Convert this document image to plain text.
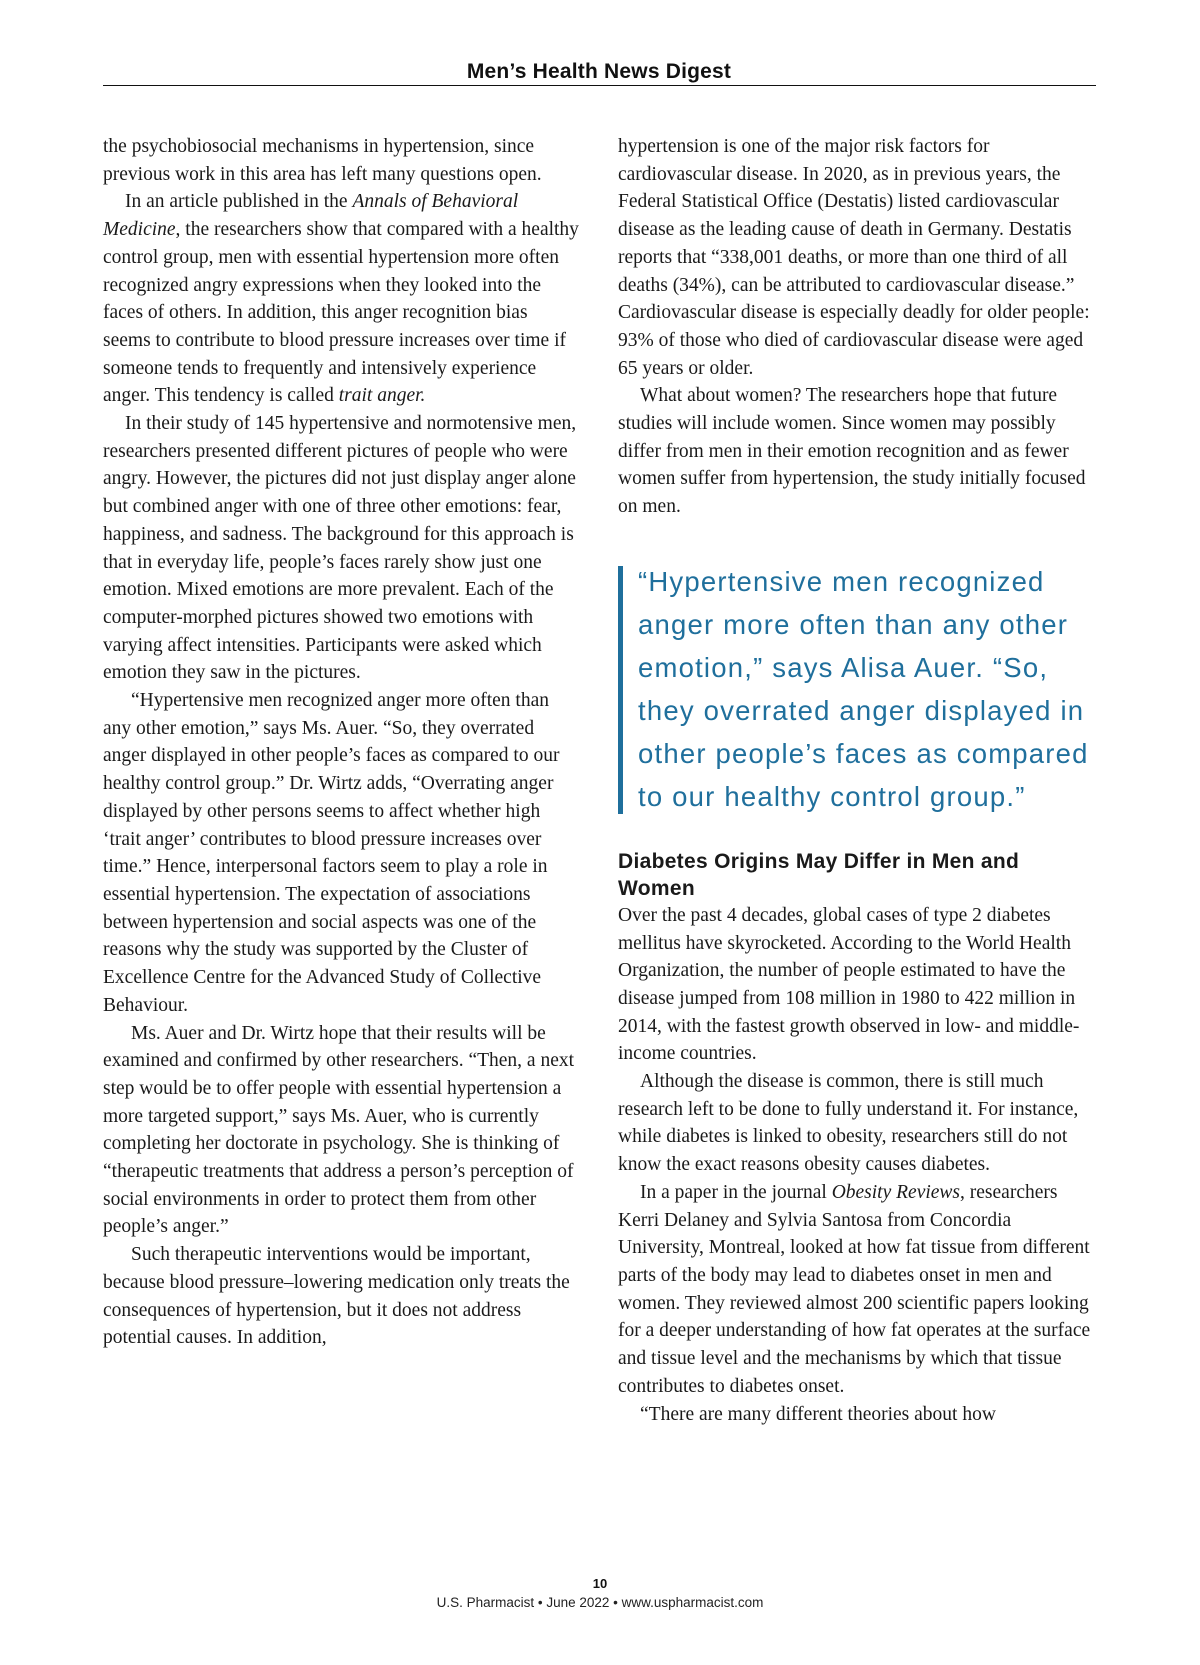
Men’s Health News Digest

the psychobiosocial mechanisms in hypertension, since previous work in this area has left many questions open.

In an article published in the Annals of Behavioral Medicine, the researchers show that compared with a healthy control group, men with essential hypertension more often recognized angry expressions when they looked into the faces of others. In addition, this anger recognition bias seems to contribute to blood pressure increases over time if someone tends to frequently and intensively experience anger. This tendency is called trait anger.

In their study of 145 hypertensive and normotensive men, researchers presented different pictures of people who were angry. However, the pictures did not just display anger alone but combined anger with one of three other emotions: fear, happiness, and sadness. The background for this approach is that in everyday life, people’s faces rarely show just one emotion. Mixed emotions are more prevalent. Each of the computer-morphed pictures showed two emotions with varying affect intensities. Participants were asked which emotion they saw in the pictures.

“Hypertensive men recognized anger more often than any other emotion,” says Ms. Auer. “So, they overrated anger displayed in other people’s faces as compared to our healthy control group.” Dr. Wirtz adds, “Overrating anger displayed by other persons seems to affect whether high ‘trait anger’ contributes to blood pressure increases over time.” Hence, interpersonal factors seem to play a role in essential hypertension. The expectation of associations between hypertension and social aspects was one of the reasons why the study was supported by the Cluster of Excellence Centre for the Advanced Study of Collective Behaviour.

Ms. Auer and Dr. Wirtz hope that their results will be examined and confirmed by other researchers. “Then, a next step would be to offer people with essential hypertension a more targeted support,” says Ms. Auer, who is currently completing her doctorate in psychology. She is thinking of “therapeutic treatments that address a person’s perception of social environments in order to protect them from other people’s anger.”

Such therapeutic interventions would be important, because blood pressure–lowering medication only treats the consequences of hypertension, but it does not address potential causes. In addition,

hypertension is one of the major risk factors for cardiovascular disease. In 2020, as in previous years, the Federal Statistical Office (Destatis) listed cardiovascular disease as the leading cause of death in Germany. Destatis reports that “338,001 deaths, or more than one third of all deaths (34%), can be attributed to cardiovascular disease.” Cardiovascular disease is especially deadly for older people: 93% of those who died of cardiovascular disease were aged 65 years or older.

What about women? The researchers hope that future studies will include women. Since women may possibly differ from men in their emotion recognition and as fewer women suffer from hypertension, the study initially focused on men.

“Hypertensive men recognized anger more often than any other emotion,” says Alisa Auer. “So, they overrated anger displayed in other people’s faces as compared to our healthy control group.”
Diabetes Origins May Differ in Men and Women

Over the past 4 decades, global cases of type 2 diabetes mellitus have skyrocketed. According to the World Health Organization, the number of people estimated to have the disease jumped from 108 million in 1980 to 422 million in 2014, with the fastest growth observed in low- and middle-income countries.

Although the disease is common, there is still much research left to be done to fully understand it. For instance, while diabetes is linked to obesity, researchers still do not know the exact reasons obesity causes diabetes.

In a paper in the journal Obesity Reviews, researchers Kerri Delaney and Sylvia Santosa from Concordia University, Montreal, looked at how fat tissue from different parts of the body may lead to diabetes onset in men and women. They reviewed almost 200 scientific papers looking for a deeper understanding of how fat operates at the surface and tissue level and the mechanisms by which that tissue contributes to diabetes onset.

“There are many different theories about how

10
U.S. Pharmacist • June 2022 • www.uspharmacist.com
